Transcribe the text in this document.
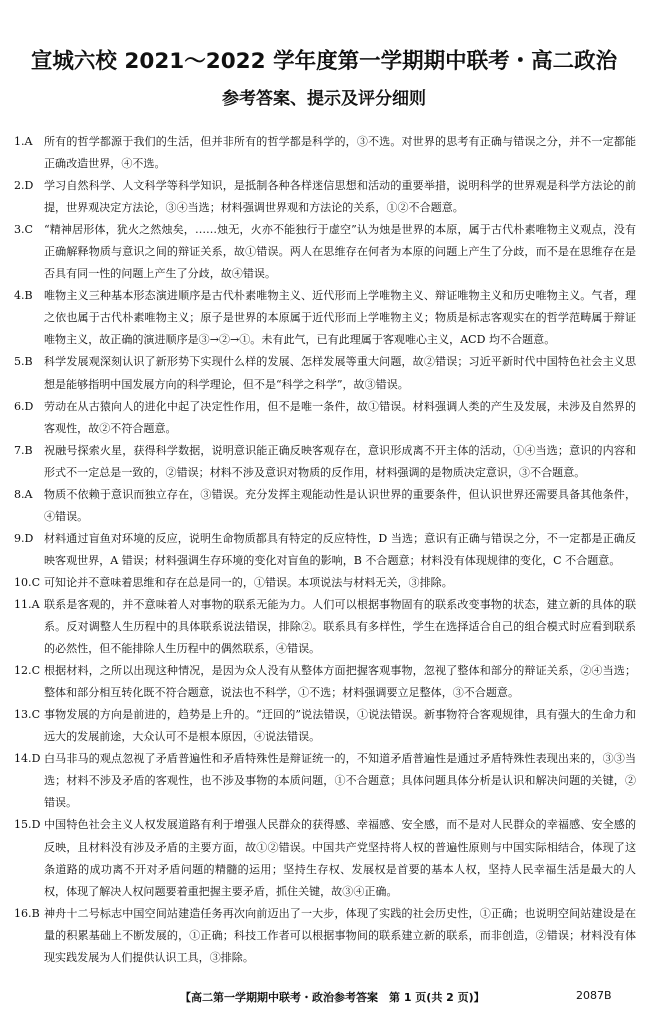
宣城六校 2021～2022 学年度第一学期期中联考・高二政治
参考答案、提示及评分细则
1.A 所有的哲学都源于我们的生活，但并非所有的哲学都是科学的，③不选。对世界的思考有正确与错误之分，并不一定都能正确改造世界，④不选。
2.D 学习自然科学、人文科学等科学知识，是抵制各种各样迷信思想和活动的重要举措，说明科学的世界观是科学方法论的前提，世界观决定方法论，③④当选；材料强调世界观和方法论的关系，①②不合题意。
3.C “精神居形体，犹火之然烛矣，……烛无，火亦不能独行于虚空”认为烛是世界的本原，属于古代朴素唯物主义观点，没有正确解释物质与意识之间的辩证关系，故①错误。两人在思维存在何者为本原的问题上产生了分歧，而不是在思维存在是否具有同一性的问题上产生了分歧，故④错误。
4.B 唯物主义三种基本形态演进顺序是古代朴素唯物主义、近代形而上学唯物主义、辩证唯物主义和历史唯物主义。气者，理之依也属于古代朴素唯物主义；原子是世界的本原属于近代形而上学唯物主义；物质是标志客观实在的哲学范畴属于辩证唯物主义，故正确的演进顺序是③→②→①。未有此气，已有此理属于客观唯心主义，ACD 均不合题意。
5.B 科学发展观深刻认识了新形势下实现什么样的发展、怎样发展等重大问题，故②错误；习近平新时代中国特色社会主义思想是能够指明中国发展方向的科学理论，但不是“科学之科学”，故③错误。
6.D 劳动在从古猿向人的进化中起了决定性作用，但不是唯一条件，故①错误。材料强调人类的产生及发展，未涉及自然界的客观性，故②不符合题意。
7.B 祝融号探索火星，获得科学数据，说明意识能正确反映客观存在，意识形成离不开主体的活动，①④当选；意识的内容和形式不一定总是一致的，②错误；材料不涉及意识对物质的反作用，材料强调的是物质决定意识，③不合题意。
8.A 物质不依赖于意识而独立存在，③错误。充分发挥主观能动性是认识世界的重要条件，但认识世界还需要具备其他条件，④错误。
9.D 材料通过盲鱼对环境的反应，说明生命物质都具有特定的反应特性，D 当选；意识有正确与错误之分，不一定都是正确反映客观世界，A 错误；材料强调生存环境的变化对盲鱼的影响，B 不合题意；材料没有体现规律的变化，C 不合题意。
10.C 可知论并不意味着思维和存在总是同一的，①错误。本项说法与材料无关，③排除。
11.A 联系是客观的，并不意味着人对事物的联系无能为力。人们可以根据事物固有的联系改变事物的状态，建立新的具体的联系。反对调整人生历程中的具体联系说法错误，排除②。联系具有多样性，学生在选择适合自己的组合模式时应看到联系的必然性，但不能排除人生历程中的偶然联系，④错误。
12.C 根据材料，之所以出现这种情况，是因为众人没有从整体方面把握客观事物，忽视了整体和部分的辩证关系，②④当选；整体和部分相互转化既不符合题意，说法也不科学，①不选；材料强调要立足整体，③不合题意。
13.C 事物发展的方向是前进的，趋势是上升的。“迂回的”说法错误，①说法错误。新事物符合客观规律，具有强大的生命力和远大的发展前途，大众认可不是根本原因，④说法错误。
14.D 白马非马的观点忽视了矛盾普遍性和矛盾特殊性是辩证统一的，不知道矛盾普遍性是通过矛盾特殊性表现出来的，③③当选；材料不涉及矛盾的客观性，也不涉及事物的本质问题，①不合题意；具体问题具体分析是认识和解决问题的关键，②错误。
15.D 中国特色社会主义人权发展道路有利于增强人民群众的获得感、幸福感、安全感，而不是对人民群众的幸福感、安全感的反映，且材料没有涉及矛盾的主要方面，故①②错误。中国共产党坚持将人权的普遍性原则与中国实际相结合，体现了这条道路的成功离不开对矛盾问题的精髓的运用；坚持生存权、发展权是首要的基本人权，坚持人民幸福生活是最大的人权，体现了解决人权问题要着重把握主要矛盾，抓住关键，故③④正确。
16.B 神舟十二号标志中国空间站建造任务再次向前迈出了一大步，体现了实践的社会历史性，①正确；也说明空间站建设是在量的积累基础上不断发展的，①正确；科技工作者可以根据事物间的联系建立新的联系，而非创造，②错误；材料没有体现实践发展为人们提供认识工具，③排除。
【高二第一学期期中联考・政治参考答案　第 1 页(共 2 页)】	2087B
